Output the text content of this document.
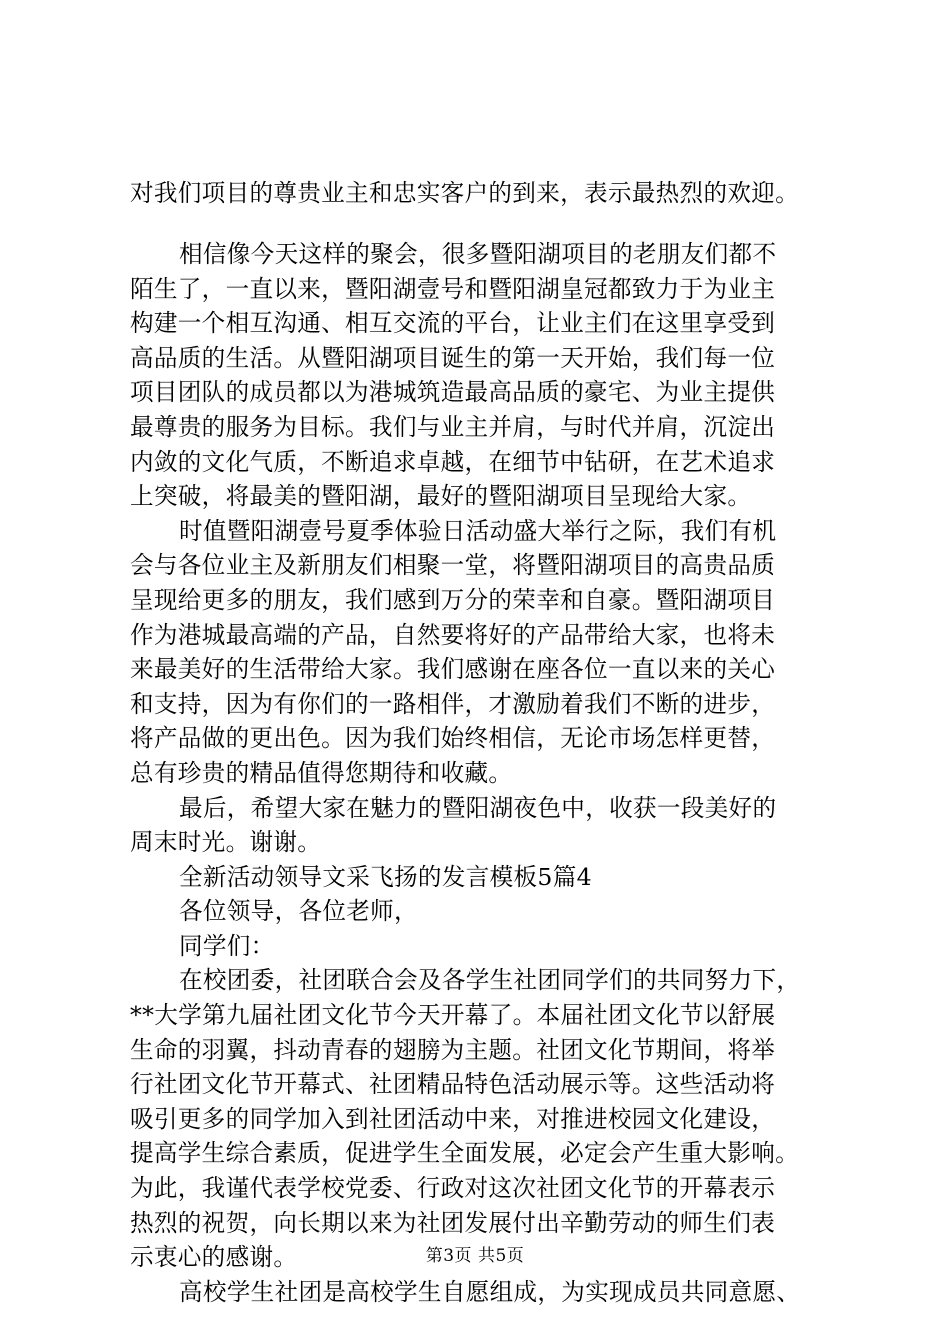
对我们项目的尊贵业主和忠实客户的到来，表示最热烈的欢迎。
相信像今天这样的聚会，很多暨阳湖项目的老朋友们都不
陌生了，一直以来，暨阳湖壹号和暨阳湖皇冠都致力于为业主
构建一个相互沟通、相互交流的平台，让业主们在这里享受到
高品质的生活。从暨阳湖项目诞生的第一天开始，我们每一位
项目团队的成员都以为港城筑造最高品质的豪宅、为业主提供
最尊贵的服务为目标。我们与业主并肩，与时代并肩，沉淀出
内敛的文化气质，不断追求卓越，在细节中钻研，在艺术追求
上突破，将最美的暨阳湖，最好的暨阳湖项目呈现给大家。
时值暨阳湖壹号夏季体验日活动盛大举行之际，我们有机
会与各位业主及新朋友们相聚一堂，将暨阳湖项目的高贵品质
呈现给更多的朋友，我们感到万分的荣幸和自豪。暨阳湖项目
作为港城最高端的产品，自然要将好的产品带给大家，也将未
来最美好的生活带给大家。我们感谢在座各位一直以来的关心
和支持，因为有你们的一路相伴，才激励着我们不断的进步，
将产品做的更出色。因为我们始终相信，无论市场怎样更替，
总有珍贵的精品值得您期待和收藏。
最后，希望大家在魅力的暨阳湖夜色中，收获一段美好的
周末时光。谢谢。
全新活动领导文采飞扬的发言模板5篇4
各位领导，各位老师，
同学们：
在校团委，社团联合会及各学生社团同学们的共同努力下，
**大学第九届社团文化节今天开幕了。本届社团文化节以舒展
生命的羽翼，抖动青春的翅膀为主题。社团文化节期间，将举
行社团文化节开幕式、社团精品特色活动展示等。这些活动将
吸引更多的同学加入到社团活动中来，对推进校园文化建设，
提高学生综合素质，促进学生全面发展，必定会产生重大影响。
为此，我谨代表学校党委、行政对这次社团文化节的开幕表示
热烈的祝贺，向长期以来为社团发展付出辛勤劳动的师生们表
示衷心的感谢。
高校学生社团是高校学生自愿组成，为实现成员共同意愿、
第3页 共5页
